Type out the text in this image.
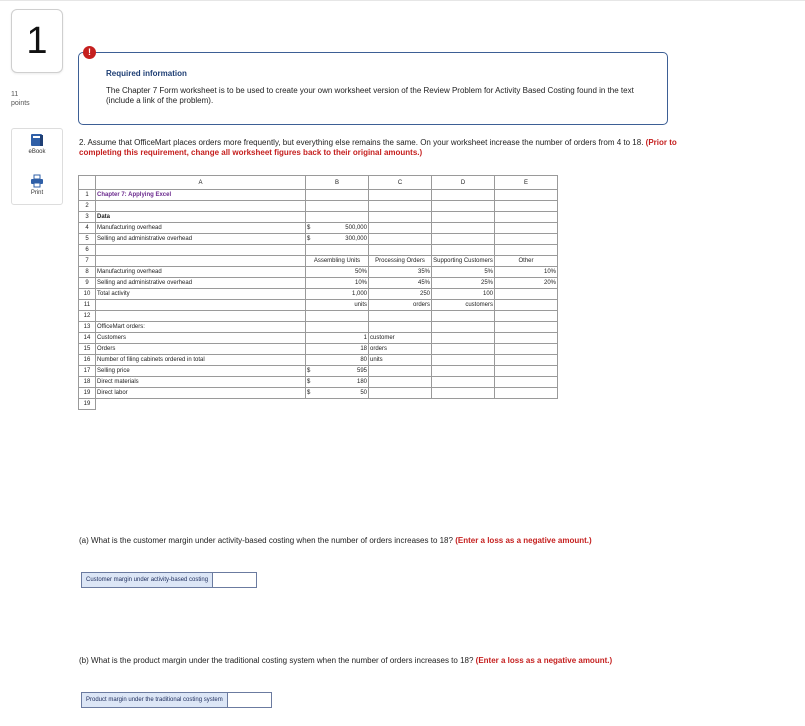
1
11
points
eBook
Print
Required information
The Chapter 7 Form worksheet is to be used to create your own worksheet version of the Review Problem for Activity Based Costing found in the text (include a link of the problem).
!
2. Assume that OfficeMart places orders more frequently, but everything else remains the same. On your worksheet increase the number of orders from 4 to 18. (Prior to completing this requirement, change all worksheet figures back to their original amounts.)
	A	B	C	D	E
1	Chapter 7: Applying Excel				
2					
3	Data				
4	Manufacturing overhead	$ 500,000			

5	Selling and administrative overhead	$ 300,000			

6					
7		Assembling Units	Processing Orders	Supporting Customers	Other
8	Manufacturing overhead	50%	35%	5%	10%
9	Selling and administrative overhead	10%	45%	25%	20%
10	Total activity	1,000	250	100	
11		units	orders	customers	
12					
13	OfficeMart orders:				
14	Customers	1	customer		
15	Orders	18	orders		
16	Number of filing cabinets ordered in total	80	units		
17	Selling price	$ 595			

18	Direct materials	$ 180			

19	Direct labor	$ 50			

19					
(a) What is the customer margin under activity-based costing when the number of orders increases to 18? (Enter a loss as a negative amount.)
Customer margin under activity-based costing
(b) What is the product margin under the traditional costing system when the number of orders increases to 18? (Enter a loss as a negative amount.)
Product margin under the traditional costing system
